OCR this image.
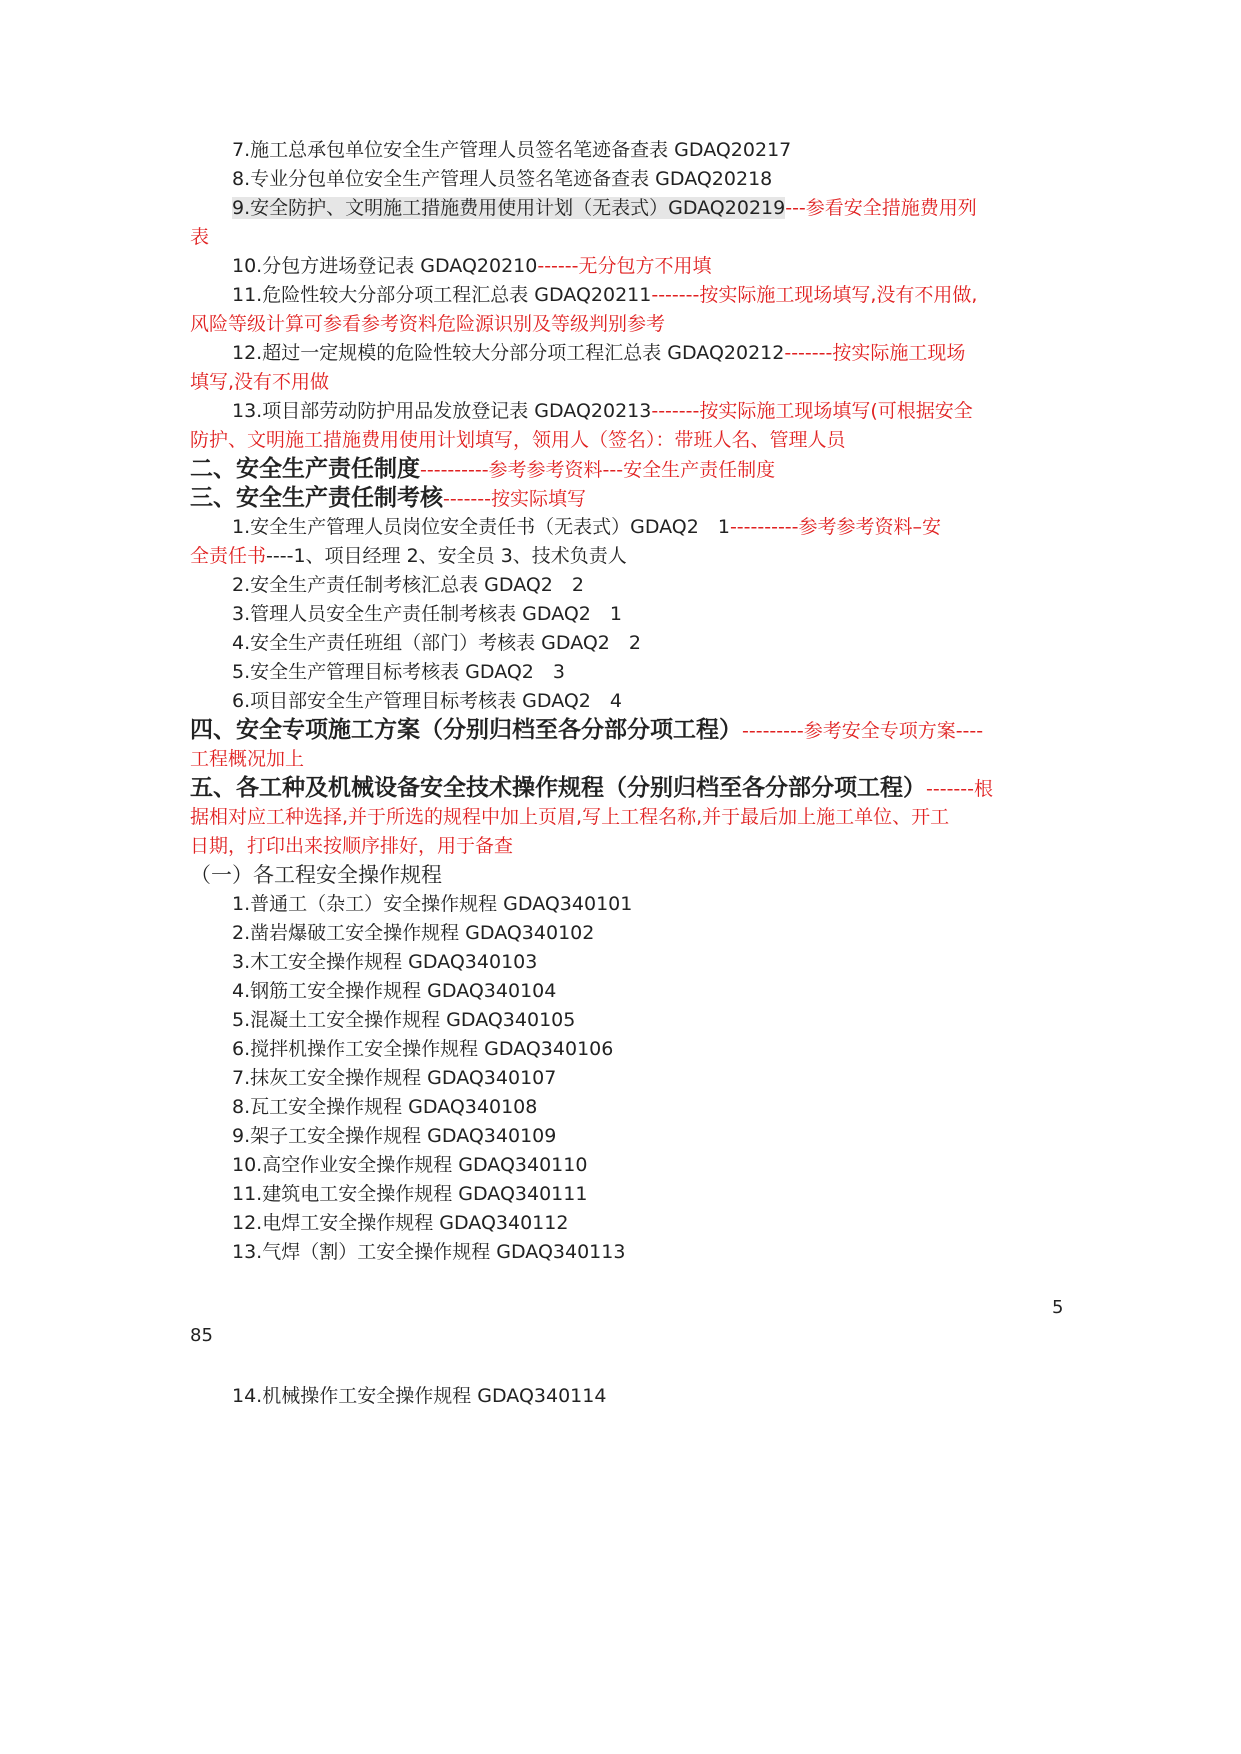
7.施工总承包单位安全生产管理人员签名笔迹备查表 GDAQ20217
8.专业分包单位安全生产管理人员签名笔迹备查表 GDAQ20218
9.安全防护、文明施工措施费用使用计划（无表式）GDAQ20219---参看安全措施费用列
表
10.分包方进场登记表 GDAQ20210------无分包方不用填
11.危险性较大分部分项工程汇总表 GDAQ20211-------按实际施工现场填写,没有不用做,
风险等级计算可参看参考资料危险源识别及等级判别参考
12.超过一定规模的危险性较大分部分项工程汇总表 GDAQ20212-------按实际施工现场
填写,没有不用做
13.项目部劳动防护用品发放登记表 GDAQ20213-------按实际施工现场填写(可根据安全
防护、文明施工措施费用使用计划填写，领用人（签名）：带班人名、管理人员
二、安全生产责任制度----------参考参考资料---安全生产责任制度
三、安全生产责任制考核-------按实际填写
1.安全生产管理人员岗位安全责任书（无表式）GDAQ2　1----------参考参考资料–安
全责任书----1、项目经理 2、安全员 3、技术负责人
2.安全生产责任制考核汇总表 GDAQ2　2
3.管理人员安全生产责任制考核表 GDAQ2　1
4.安全生产责任班组（部门）考核表 GDAQ2　2
5.安全生产管理目标考核表 GDAQ2　3
6.项目部安全生产管理目标考核表 GDAQ2　4
四、安全专项施工方案（分别归档至各分部分项工程）---------参考安全专项方案----
工程概况加上
五、各工种及机械设备安全技术操作规程（分别归档至各分部分项工程）-------根
据相对应工种选择,并于所选的规程中加上页眉,写上工程名称,并于最后加上施工单位、开工
日期，打印出来按顺序排好，用于备查
（一）各工程安全操作规程
1.普通工（杂工）安全操作规程 GDAQ340101
2.凿岩爆破工安全操作规程 GDAQ340102
3.木工安全操作规程 GDAQ340103
4.钢筋工安全操作规程 GDAQ340104
5.混凝土工安全操作规程 GDAQ340105
6.搅拌机操作工安全操作规程 GDAQ340106
7.抹灰工安全操作规程 GDAQ340107
8.瓦工安全操作规程 GDAQ340108
9.架子工安全操作规程 GDAQ340109
10.高空作业安全操作规程 GDAQ340110
11.建筑电工安全操作规程 GDAQ340111
12.电焊工安全操作规程 GDAQ340112
13.气焊（割）工安全操作规程 GDAQ340113
5
85
14.机械操作工安全操作规程 GDAQ340114
